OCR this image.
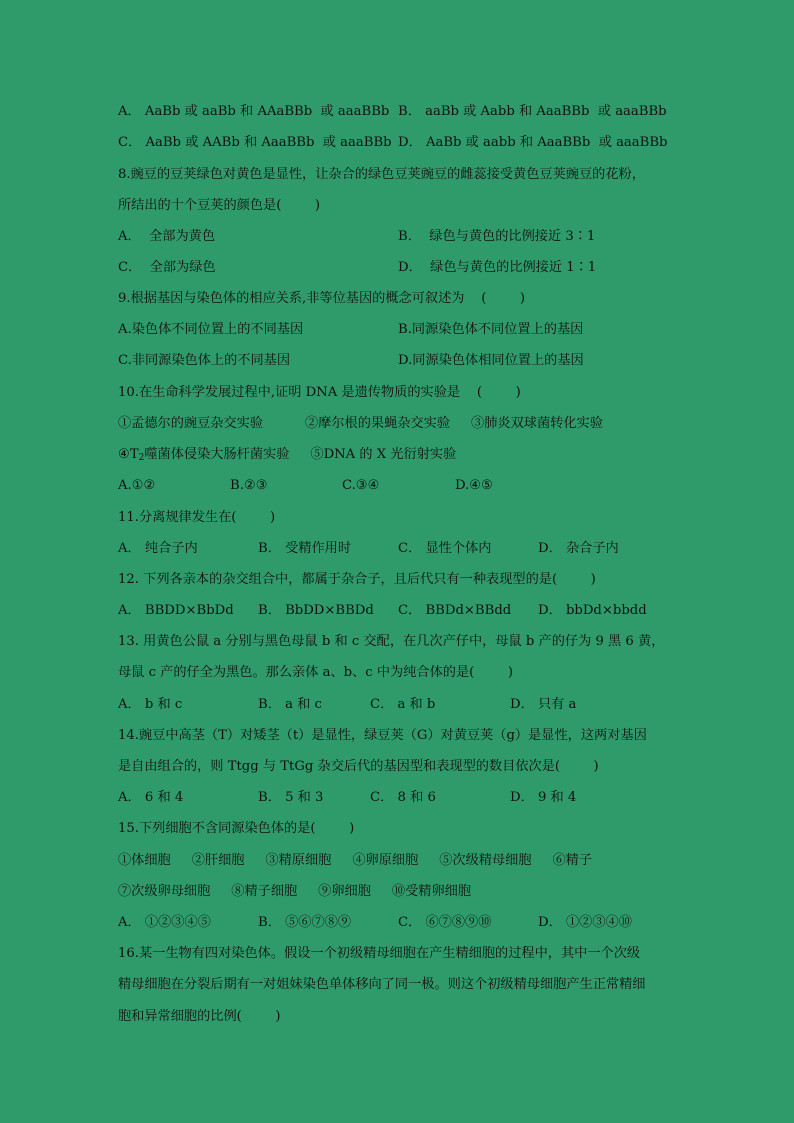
A． AaBb 或 aaBb 和 AAaBBb  或 aaaBBb B． aaBb 或 Aabb 和 AaaBBb  或 aaaBBb
C． AaBb 或 AABb 和 AaaBBb  或 aaaBBb D． AaBb 或 aabb 和 AaaBBb  或 aaaBBb
8.豌豆的豆荚绿色对黄色是显性，让杂合的绿色豆荚豌豆的雌蕊接受黄色豆荚豌豆的花粉，
所结出的十个豆荚的颜色是(        )
A． 全部为黄色	B． 绿色与黄色的比例接近 3∶1
C． 全部为绿色	D． 绿色与黄色的比例接近 1∶1
9.根据基因与染色体的相应关系,非等位基因的概念可叙述为    (        )
A.染色体不同位置上的不同基因	B.同源染色体不同位置上的基因
C.非同源染色体上的不同基因	D.同源染色体相同位置上的基因
10.在生命科学发展过程中,证明 DNA 是遗传物质的实验是    (        )
①孟德尔的豌豆杂交实验          ②摩尔根的果蝇杂交实验     ③肺炎双球菌转化实验
$④T_2$噬菌体侵染大肠杆菌实验     ⑤DNA 的 X 光衍射实验
A.①②	B.②③	C.③④	D.④⑤
11.分离规律发生在(        )
A． 纯合子内	B． 受精作用时	C． 显性个体内	D． 杂合子内
12. 下列各亲本的杂交组合中，都属于杂合子，且后代只有一种表现型的是(        )
A． BBDD×BbDd B． BbDD×BBDd C． BBDd×BBdd D． bbDd×bbdd
13. 用黄色公鼠 a 分别与黑色母鼠 b 和 c 交配，在几次产仔中，母鼠 b 产的仔为 9 黑 6 黄，
母鼠 c 产的仔全为黑色。那么亲体 a、b、c 中为纯合体的是(        )
A． b 和 c	B． a 和 c	C． a 和 b	D． 只有 a
14.豌豆中高茎（T）对矮茎（t）是显性，绿豆荚（G）对黄豆荚（g）是显性，这两对基因
是自由组合的，则 Ttgg 与 TtGg 杂交后代的基因型和表现型的数目依次是(        )
A． 6 和 4	B． 5 和 3	C． 8 和 6	D． 9 和 4
15.下列细胞不含同源染色体的是(        )
①体细胞     ②肝细胞     ③精原细胞     ④卵原细胞     ⑤次级精母细胞     ⑥精子
⑦次级卵母细胞     ⑧精子细胞     ⑨卵细胞     ⑩受精卵细胞
A． ①②③④⑤	B． ⑤⑥⑦⑧⑨	C． ⑥⑦⑧⑨⑩	D． ①②③④⑩
16.某一生物有四对染色体。假设一个初级精母细胞在产生精细胞的过程中，其中一个次级
精母细胞在分裂后期有一对姐妹染色单体移向了同一极。则这个初级精母细胞产生正常精细
胞和异常细胞的比例(        )
